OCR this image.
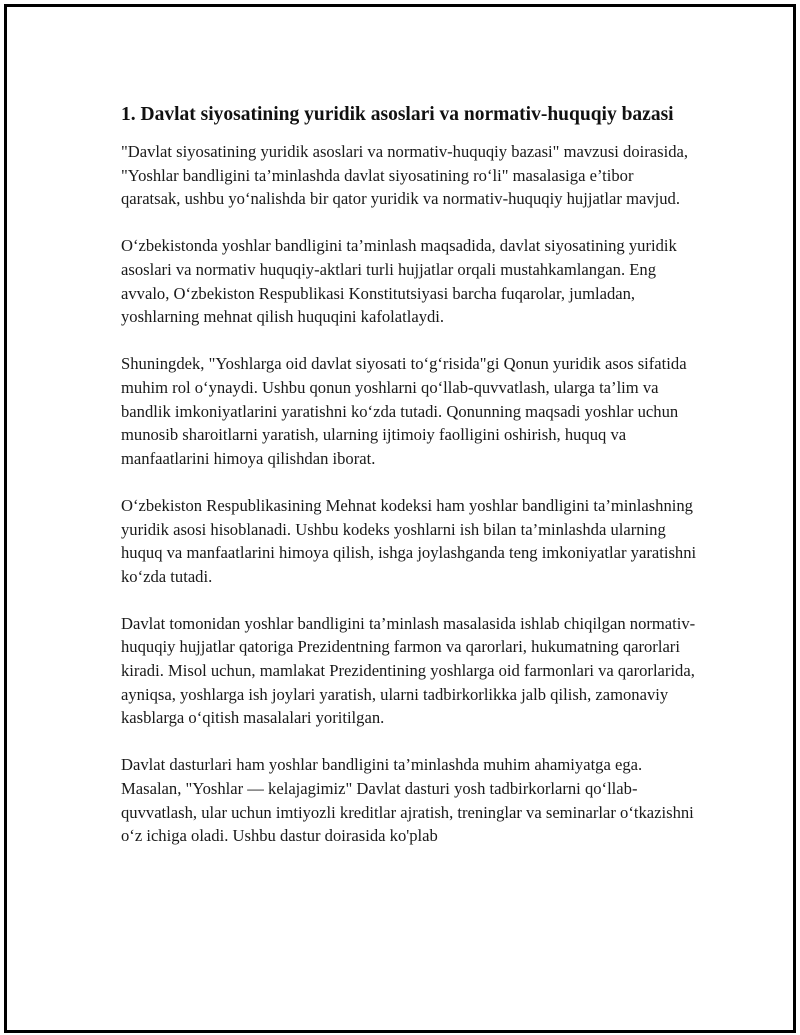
1. Davlat siyosatining yuridik asoslari va normativ-huquqiy bazasi

"Davlat siyosatining yuridik asoslari va normativ-huquqiy bazasi" mavzusi doirasida, "Yoshlar bandligini ta’minlashda davlat siyosatining ro‘li" masalasiga e’tibor qaratsak, ushbu yo‘nalishda bir qator yuridik va normativ-huquqiy hujjatlar mavjud.

O‘zbekistonda yoshlar bandligini ta’minlash maqsadida, davlat siyosatining yuridik asoslari va normativ huquqiy-aktlari turli hujjatlar orqali mustahkamlangan. Eng avvalo, O‘zbekiston Respublikasi Konstitutsiyasi barcha fuqarolar, jumladan, yoshlarning mehnat qilish huquqini kafolatlaydi.

Shuningdek, "Yoshlarga oid davlat siyosati to‘g‘risida"gi Qonun yuridik asos sifatida muhim rol o‘ynaydi. Ushbu qonun yoshlarni qo‘llab-quvvatlash, ularga ta’lim va bandlik imkoniyatlarini yaratishni ko‘zda tutadi. Qonunning maqsadi yoshlar uchun munosib sharoitlarni yaratish, ularning ijtimoiy faolligini oshirish, huquq va manfaatlarini himoya qilishdan iborat.

O‘zbekiston Respublikasining Mehnat kodeksi ham yoshlar bandligini ta’minlashning yuridik asosi hisoblanadi. Ushbu kodeks yoshlarni ish bilan ta’minlashda ularning huquq va manfaatlarini himoya qilish, ishga joylashganda teng imkoniyatlar yaratishni ko‘zda tutadi.

Davlat tomonidan yoshlar bandligini ta’minlash masalasida ishlab chiqilgan normativ-huquqiy hujjatlar qatoriga Prezidentning farmon va qarorlari, hukumatning qarorlari kiradi. Misol uchun, mamlakat Prezidentining yoshlarga oid farmonlari va qarorlarida, ayniqsa, yoshlarga ish joylari yaratish, ularni tadbirkorlikka jalb qilish, zamonaviy kasblarga o‘qitish masalalari yoritilgan.

Davlat dasturlari ham yoshlar bandligini ta’minlashda muhim ahamiyatga ega. Masalan, "Yoshlar — kelajagimiz" Davlat dasturi yosh tadbirkorlarni qo‘llab-quvvatlash, ular uchun imtiyozli kreditlar ajratish, treninglar va seminarlar o‘tkazishni o‘z ichiga oladi. Ushbu dastur doirasida ko'plab
